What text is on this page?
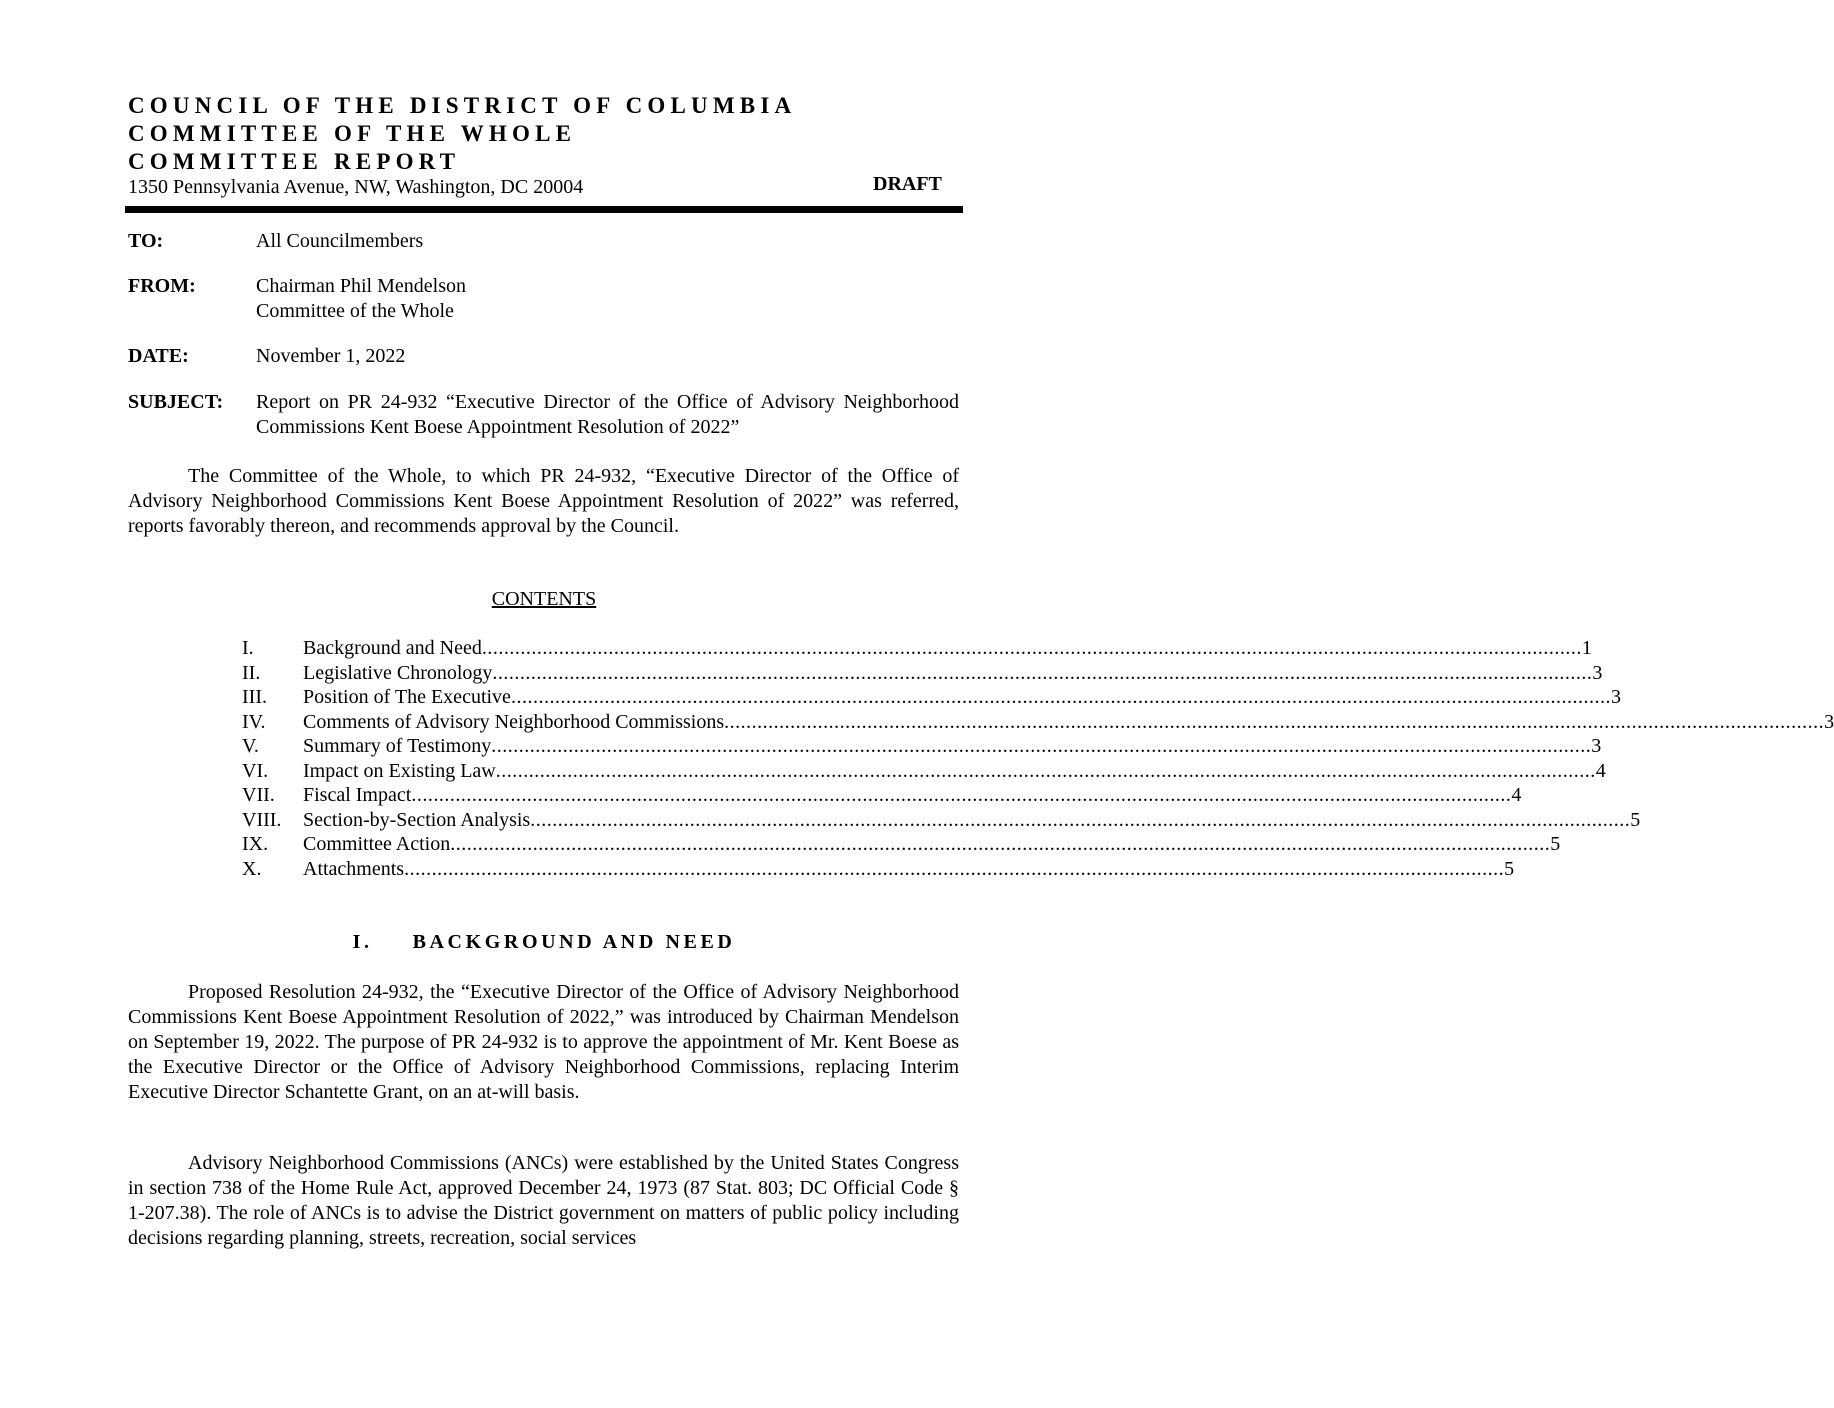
COUNCIL OF THE DISTRICT OF COLUMBIA
COMMITTEE OF THE WHOLE
COMMITTEE REPORT
1350 Pennsylvania Avenue, NW, Washington, DC 20004	DRAFT
TO:	All Councilmembers
FROM:	Chairman Phil Mendelson
Committee of the Whole
DATE:	November 1, 2022
SUBJECT: Report on PR 24-932 “Executive Director of the Office of Advisory Neighborhood Commissions Kent Boese Appointment Resolution of 2022”

The Committee of the Whole, to which PR 24-932, “Executive Director of the Office of Advisory Neighborhood Commissions Kent Boese Appointment Resolution of 2022” was referred, reports favorably thereon, and recommends approval by the Council.

CONTENTS
I. Background and Need ........................................................................................................................................................................................................ 1
II. Legislative Chronology ........................................................................................................................................................................................................ 3
III. Position of The Executive ........................................................................................................................................................................................................ 3
IV. Comments of Advisory Neighborhood Commissions ........................................................................................................................................................................................................ 3
V. Summary of Testimony ........................................................................................................................................................................................................ 3
VI. Impact on Existing Law ........................................................................................................................................................................................................ 4
VII. Fiscal Impact ........................................................................................................................................................................................................ 4
VIII. Section-by-Section Analysis ........................................................................................................................................................................................................ 5
IX. Committee Action ........................................................................................................................................................................................................ 5
X. Attachments ........................................................................................................................................................................................................ 5
I. BACKGROUND AND NEED

Proposed Resolution 24-932, the “Executive Director of the Office of Advisory Neighborhood Commissions Kent Boese Appointment Resolution of 2022,” was introduced by Chairman Mendelson on September 19, 2022. The purpose of PR 24-932 is to approve the appointment of Mr. Kent Boese as the Executive Director or the Office of Advisory Neighborhood Commissions, replacing Interim Executive Director Schantette Grant, on an at-will basis.

Advisory Neighborhood Commissions (ANCs) were established by the United States Congress in section 738 of the Home Rule Act, approved December 24, 1973 (87 Stat. 803; DC Official Code § 1-207.38). The role of ANCs is to advise the District government on matters of public policy including decisions regarding planning, streets, recreation, social services
